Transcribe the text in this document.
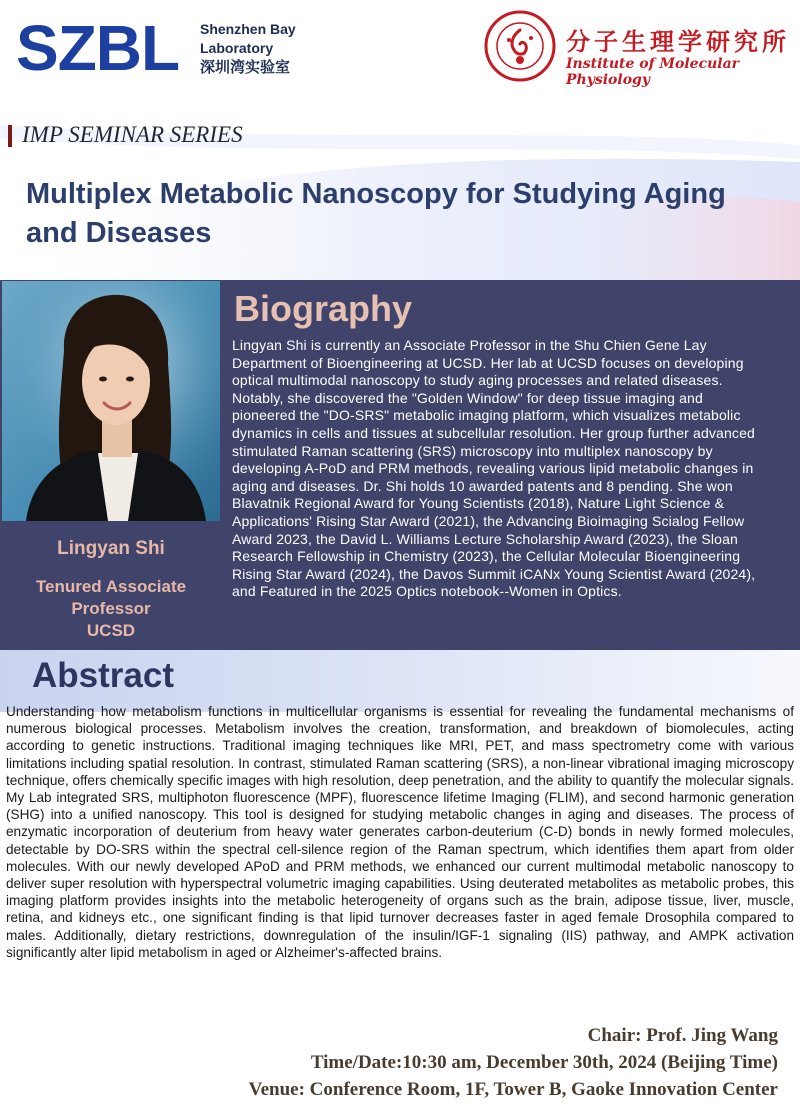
SZBL Shenzhen Bay
Laboratory
深圳湾实验室
分子生理学研究所
Institute of Molecular Physiology
IMP SEMINAR SERIES
Multiplex Metabolic Nanoscopy for Studying Aging and Diseases
Lingyan Shi
Tenured Associate
Professor
UCSD
Biography
Lingyan Shi is currently an Associate Professor in the Shu Chien Gene Lay Department of Bioengineering at UCSD. Her lab at UCSD focuses on developing optical multimodal nanoscopy to study aging processes and related diseases. Notably, she discovered the "Golden Window" for deep tissue imaging and pioneered the "DO-SRS" metabolic imaging platform, which visualizes metabolic dynamics in cells and tissues at subcellular resolution. Her group further advanced stimulated Raman scattering (SRS) microscopy into multiplex nanoscopy by developing A-PoD and PRM methods, revealing various lipid metabolic changes in aging and diseases. Dr. Shi holds 10 awarded patents and 8 pending. She won Blavatnik Regional Award for Young Scientists (2018), Nature Light Science & Applications' Rising Star Award (2021), the Advancing Bioimaging Scialog Fellow Award 2023, the David L. Williams Lecture Scholarship Award (2023), the Sloan Research Fellowship in Chemistry (2023), the Cellular Molecular Bioengineering Rising Star Award (2024), the Davos Summit iCANx Young Scientist Award (2024), and Featured in the 2025 Optics notebook--Women in Optics.
Abstract
Understanding how metabolism functions in multicellular organisms is essential for revealing the fundamental mechanisms of numerous biological processes. Metabolism involves the creation, transformation, and breakdown of biomolecules, acting according to genetic instructions. Traditional imaging techniques like MRI, PET, and mass spectrometry come with various limitations including spatial resolution. In contrast, stimulated Raman scattering (SRS), a non-linear vibrational imaging microscopy technique, offers chemically specific images with high resolution, deep penetration, and the ability to quantify the molecular signals. My Lab integrated SRS, multiphoton fluorescence (MPF), fluorescence lifetime Imaging (FLIM), and second harmonic generation (SHG) into a unified nanoscopy. This tool is designed for studying metabolic changes in aging and diseases. The process of enzymatic incorporation of deuterium from heavy water generates carbon-deuterium (C-D) bonds in newly formed molecules, detectable by DO-SRS within the spectral cell-silence region of the Raman spectrum, which identifies them apart from older molecules. With our newly developed APoD and PRM methods, we enhanced our current multimodal metabolic nanoscopy to deliver super resolution with hyperspectral volumetric imaging capabilities. Using deuterated metabolites as metabolic probes, this imaging platform provides insights into the metabolic heterogeneity of organs such as the brain, adipose tissue, liver, muscle, retina, and kidneys etc., one significant finding is that lipid turnover decreases faster in aged female Drosophila compared to males. Additionally, dietary restrictions, downregulation of the insulin/IGF-1 signaling (IIS) pathway, and AMPK activation significantly alter lipid metabolism in aged or Alzheimer's-affected brains.
Chair: Prof. Jing Wang
Time/Date:10:30 am, December 30th, 2024 (Beijing Time)
Venue: Conference Room, 1F, Tower B, Gaoke Innovation Center
